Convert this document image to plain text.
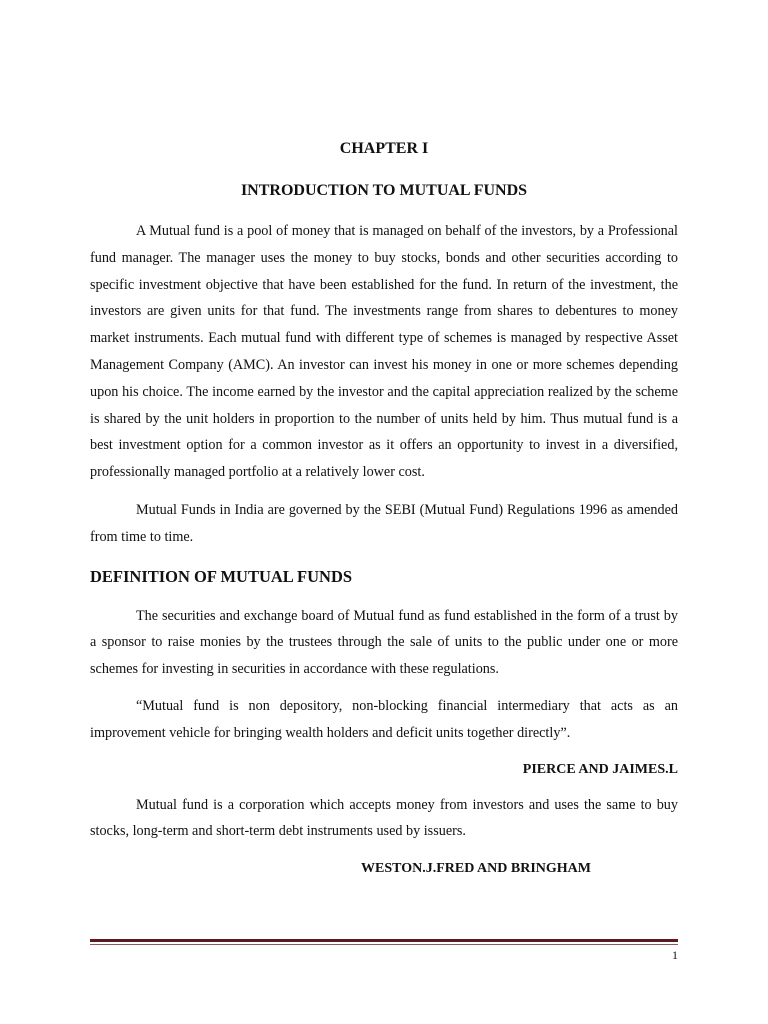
CHAPTER I
INTRODUCTION TO MUTUAL FUNDS

A Mutual fund is a pool of money that is managed on behalf of the investors, by a Professional fund manager. The manager uses the money to buy stocks, bonds and other securities according to specific investment objective that have been established for the fund. In return of the investment, the investors are given units for that fund. The investments range from shares to debentures to money market instruments. Each mutual fund with different type of schemes is managed by respective Asset Management Company (AMC). An investor can invest his money in one or more schemes depending upon his choice. The income earned by the investor and the capital appreciation realized by the scheme is shared by the unit holders in proportion to the number of units held by him. Thus mutual fund is a best investment option for a common investor as it offers an opportunity to invest in a diversified, professionally managed portfolio at a relatively lower cost.

Mutual Funds in India are governed by the SEBI (Mutual Fund) Regulations 1996 as amended from time to time.

DEFINITION OF MUTUAL FUNDS

The securities and exchange board of Mutual fund as fund established in the form of a trust by a sponsor to raise monies by the trustees through the sale of units to the public under one or more schemes for investing in securities in accordance with these regulations.

“Mutual fund is non depository, non-blocking financial intermediary that acts as an improvement vehicle for bringing wealth holders and deficit units together directly”.

PIERCE AND JAIMES.L

Mutual fund is a corporation which accepts money from investors and uses the same to buy stocks, long-term and short-term debt instruments used by issuers.

WESTON.J.FRED AND BRINGHAM
1
